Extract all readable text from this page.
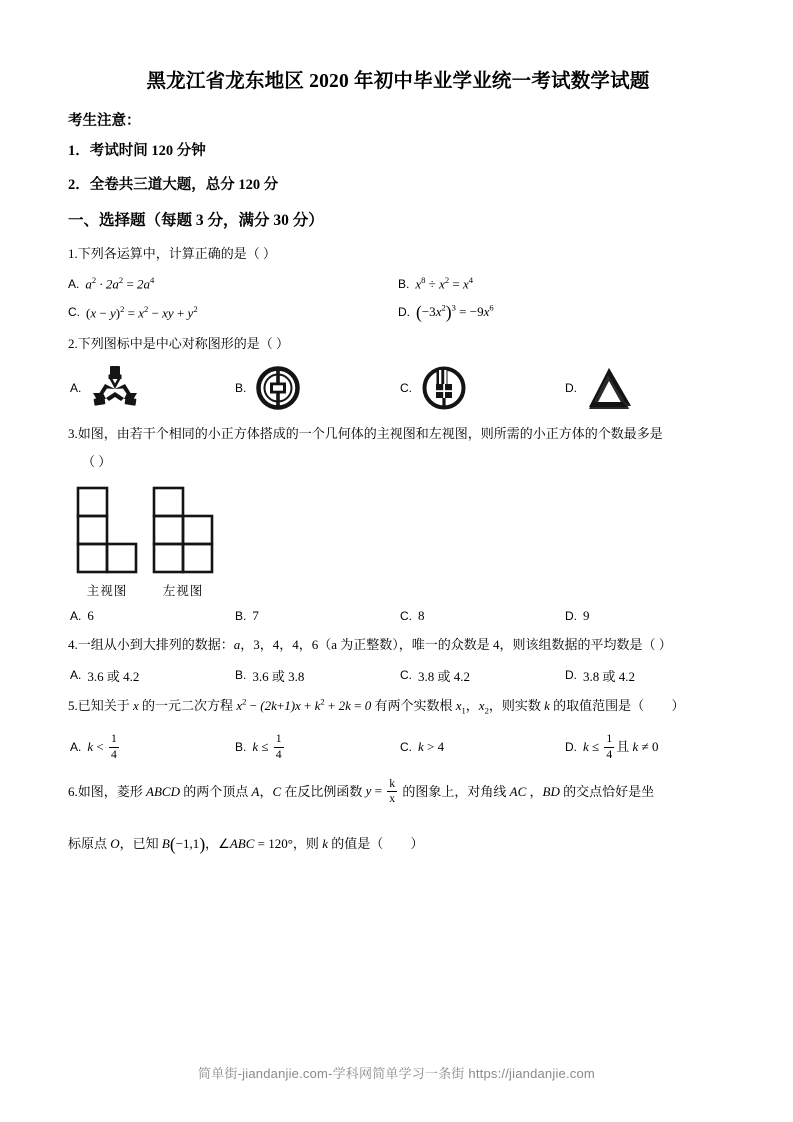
黑龙江省龙东地区 2020 年初中毕业学业统一考试数学试题
考生注意：
1．考试时间 120 分钟
2．全卷共三道大题，总分 120 分
一、选择题（每题 3 分，满分 30 分）
1.下列各运算中，计算正确的是（ ）
A. $a^2 \cdot 2a^2 = 2a^4$	B. $x^8 \div x^2 = x^4$
C. $(x - y)^2 = x^2$ − xy + $y^2$	D. $(-3x^2)^3 = -9x^6$
2.下列图标中是中心对称图形的是（ ）
A.	B.	C.	D.
3.如图，由若干个相同的小正方体搭成的一个几何体的主视图和左视图，则所需的小正方体的个数最多是
（ ）
主视图	左视图
A. 6	B. 7	C. 8	D. 9
4.一组从小到大排列的数据：a，3，4，4，6（a 为正整数），唯一的众数是 4，则该组数据的平均数是（ ）
A. 3.6 或 4.2	B. 3.6 或 3.8	C. 3.8 或 4.2	D. 3.8 或 4.2
5.已知关于 x 的一元二次方程 $x^2 - (2k+1)x + k^2 + 2k = 0$ 有两个实数根 $x_1$，$x_2$，则实数 k 的取值范围是（ ）
A. $k < \frac{1}{4}$	B. $k \le \frac{1}{4}$	C. k > 4	D. $k \le \frac{1}{4}$ 且 k ≠ 0
6.如图，菱形 ABCD 的两个顶点 A，C 在反比例函数 $y = \frac{k}{x}$ 的图象上，对角线 AC ，BD 的交点恰好是坐
标原点 O，已知 B(−1,1)，∠ABC = 120°，则 k 的值是（ ）
简单街-jiandanjie.com-学科网简单学习一条街 https://jiandanjie.com
